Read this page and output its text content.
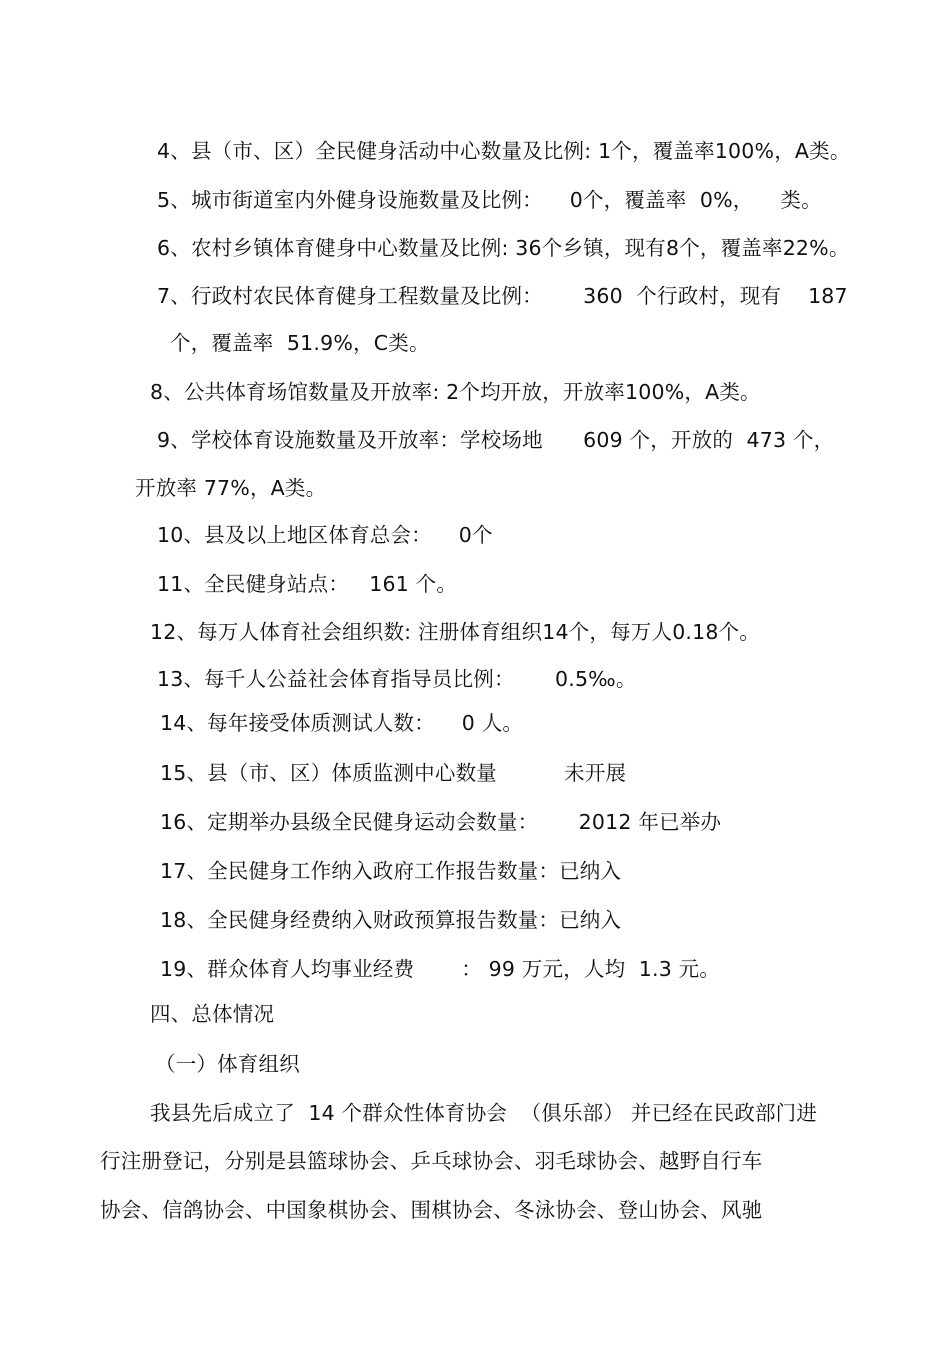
4、县（市、区）全民健身活动中心数量及比例: 1个，覆盖率100%，A类。
5、城市街道室内外健身设施数量及比例：    0个，覆盖率  0%，    类。
6、农村乡镇体育健身中心数量及比例: 36个乡镇，现有8个，覆盖率22%。
7、行政村农民体育健身工程数量及比例：      360  个行政村，现有    187
个，覆盖率  51.9%，C类。
8、公共体育场馆数量及开放率: 2个均开放，开放率100%，A类。
9、学校体育设施数量及开放率：学校场地      609 个，开放的  473 个，
开放率 77%，A类。
10、县及以上地区体育总会：    0个
11、全民健身站点：   161 个。
12、每万人体育社会组织数: 注册体育组织14个，每万人0.18个。
13、每千人公益社会体育指导员比例：      0.5‰。
14、每年接受体质测试人数：    0 人。
15、县（市、区）体质监测中心数量          未开展
16、定期举办县级全民健身运动会数量：      2012 年已举办
17、全民健身工作纳入政府工作报告数量：已纳入
18、全民健身经费纳入财政预算报告数量：已纳入
19、群众体育人均事业经费       ： 99 万元，人均  1.3 元。
四、总体情况
（一）体育组织
我县先后成立了  14 个群众性体育协会  （俱乐部） 并已经在民政部门进
行注册登记，分别是县篮球协会、乒乓球协会、羽毛球协会、越野自行车
协会、信鸽协会、中国象棋协会、围棋协会、冬泳协会、登山协会、风驰
